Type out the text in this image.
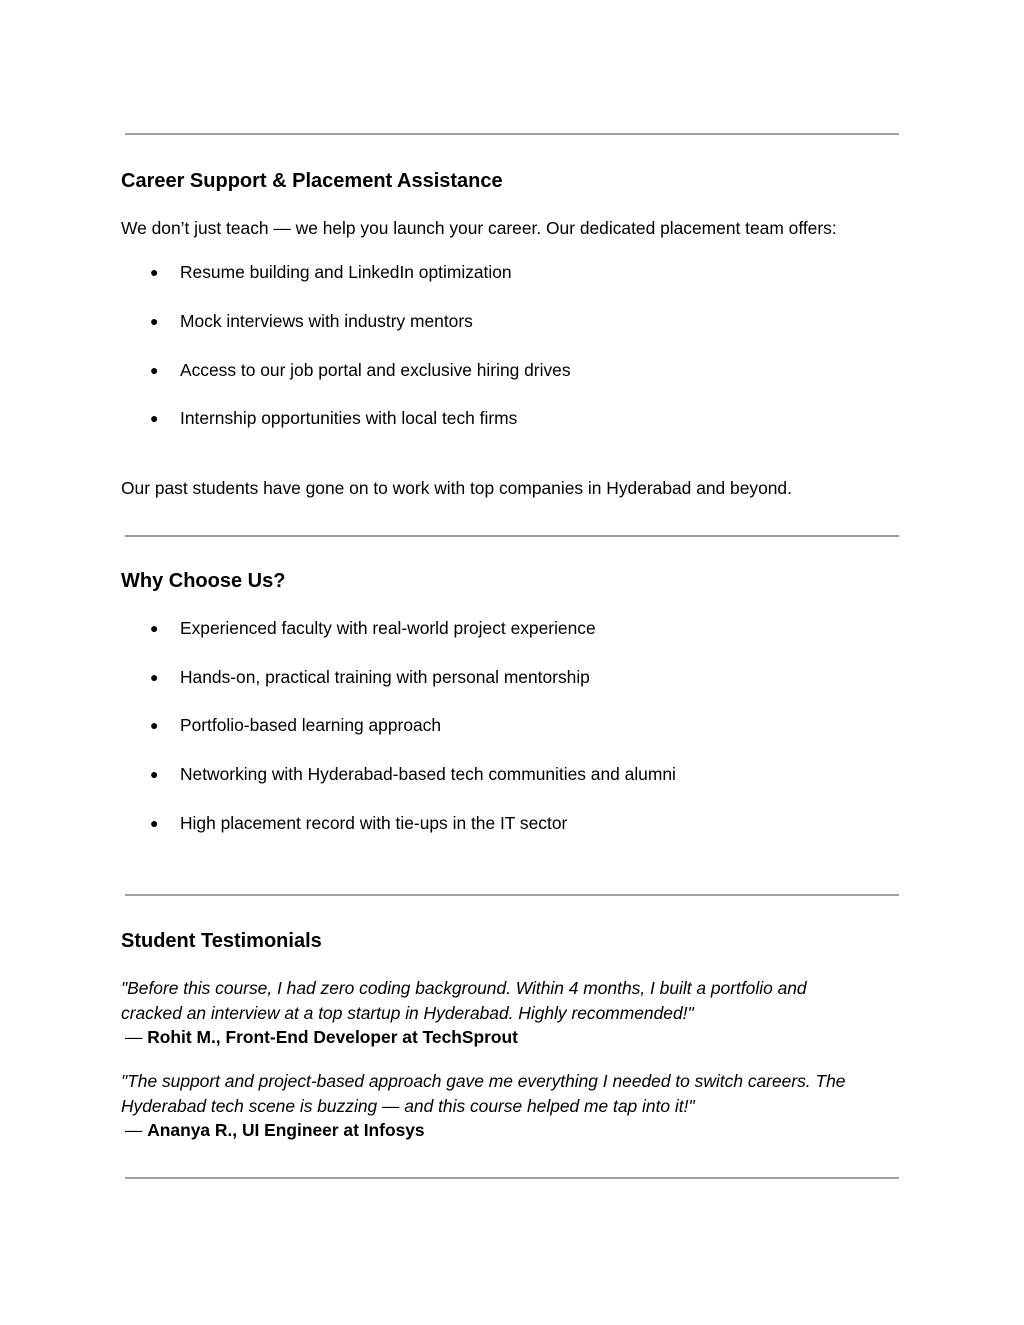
Career Support & Placement Assistance

We don’t just teach — we help you launch your career. Our dedicated placement team offers:

● Resume building and LinkedIn optimization
● Mock interviews with industry mentors
● Access to our job portal and exclusive hiring drives
● Internship opportunities with local tech firms

Our past students have gone on to work with top companies in Hyderabad and beyond.

Why Choose Us?
● Experienced faculty with real-world project experience
● Hands-on, practical training with personal mentorship
● Portfolio-based learning approach
● Networking with Hyderabad-based tech communities and alumni
● High placement record with tie-ups in the IT sector
Student Testimonials
"Before this course, I had zero coding background. Within 4 months, I built a portfolio and
cracked an interview at a top startup in Hyderabad. Highly recommended!"
— Rohit M., Front-End Developer at TechSprout
"The support and project-based approach gave me everything I needed to switch careers. The
Hyderabad tech scene is buzzing — and this course helped me tap into it!"
— Ananya R., UI Engineer at Infosys
